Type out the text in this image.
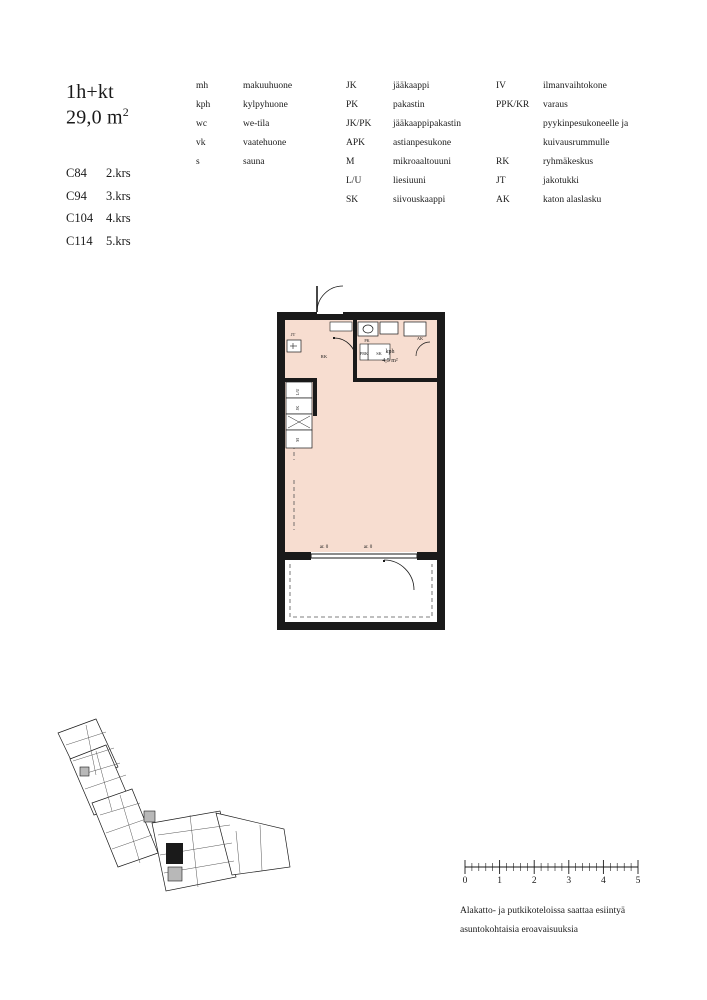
1h+kt
29,0 $m^2$
C84	2.krs
C94	3.krs
C104	4.krs
C114	5.krs
mh	makuuhuone
kph	kylpyhuone
wc	we-tila
vk	vaatehuone
s	sauna
JK	jääkaappi
PK	pakastin
JK/PK	jääkaappipakastin
APK	astianpesukone
M	mikroaaltouuni
L/U	liesiuuni
SK	siivouskaappi
IV	ilmanvaihtokone
PPK/KR	varaus
pyykinpesukoneelle ja
kuivausrummulle
RK	ryhmäkeskus
JT	jakotukki
AK	katon alaslasku
JT
RK
L/U
JK
M
PRK SK
AK
PK
kph
4,5 m²
ar. 0	ar. 0
0	1	2	3	4	5
Alakatto- ja putkikoteloissa saattaa esiintyä
asuntokohtaisia eroavaisuuksia
